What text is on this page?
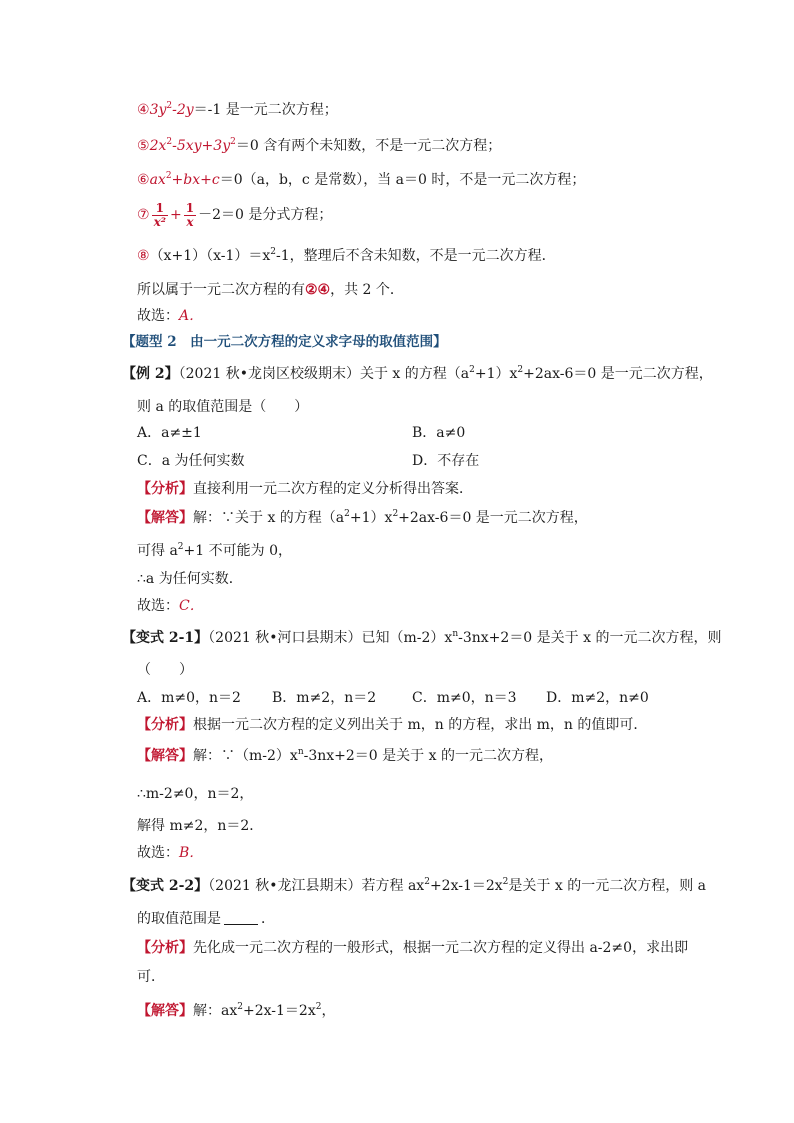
$④3y^2-2y=-1$ 是一元二次方程；
$⑤2x^2-5xy+3y^2=0$ 含有两个未知数，不是一元二次方程；
$⑥ax^2+bx+c=0(a$，b，c 是常数），当 a＝0 时，不是一元二次方程；
⑦ $\frac{1}{\text{x²}} + \frac{1}{x} -2=0$ 是分式方程；
$⑧(x+1)(x-1)=x^2-1$，整理后不含未知数，不是一元二次方程．
所以属于一元二次方程的有②④，共 2 个．
故选：A．
【题型 2　由一元二次方程的定义求字母的取值范围】
【例 2】（2021 秋•龙岗区校级期末）关于 x 的方程$(a^2+1)x^2+2ax-6=0$ 是一元二次方程，
则 a 的取值范围是（　　）
A．a≠±1	B．a≠0
C．a 为任何实数	D．不存在
【分析】直接利用一元二次方程的定义分析得出答案．
【解答】解：∵关于 x 的方程$(a^2+1)x^2+2ax-6=0$ 是一元二次方程，
可得 $a^2+1$ 不可能为 0，
∴a 为任何实数．
故选：C．
【变式 2-1】（2021 秋•河口县期末）已知$(m-2)x^n-3nx+2=0$ 是关于 x 的一元二次方程，则
（　　）
A．m≠0，n＝2 B．m≠2，n＝2	C．m≠0，n＝3 D．m≠2，n≠0
【分析】根据一元二次方程的定义列出关于 m，n 的方程，求出 m，n 的值即可．
【解答】解：$\because(m-2)x^n-3nx+2=0$ 是关于 x 的一元二次方程，
∴m-2≠0，n＝2，
解得 m≠2，n＝2．
故选：B．
【变式 2-2】（2021 秋•龙江县期末）若方程 $ax^2+2x-1=2x^2$是关于 x 的一元二次方程，则 a
的取值范围是	．
【分析】先化成一元二次方程的一般形式，根据一元二次方程的定义得出 a-2≠0，求出即
可．
【解答】解：$ax^2+2x-1=2x^2$，
